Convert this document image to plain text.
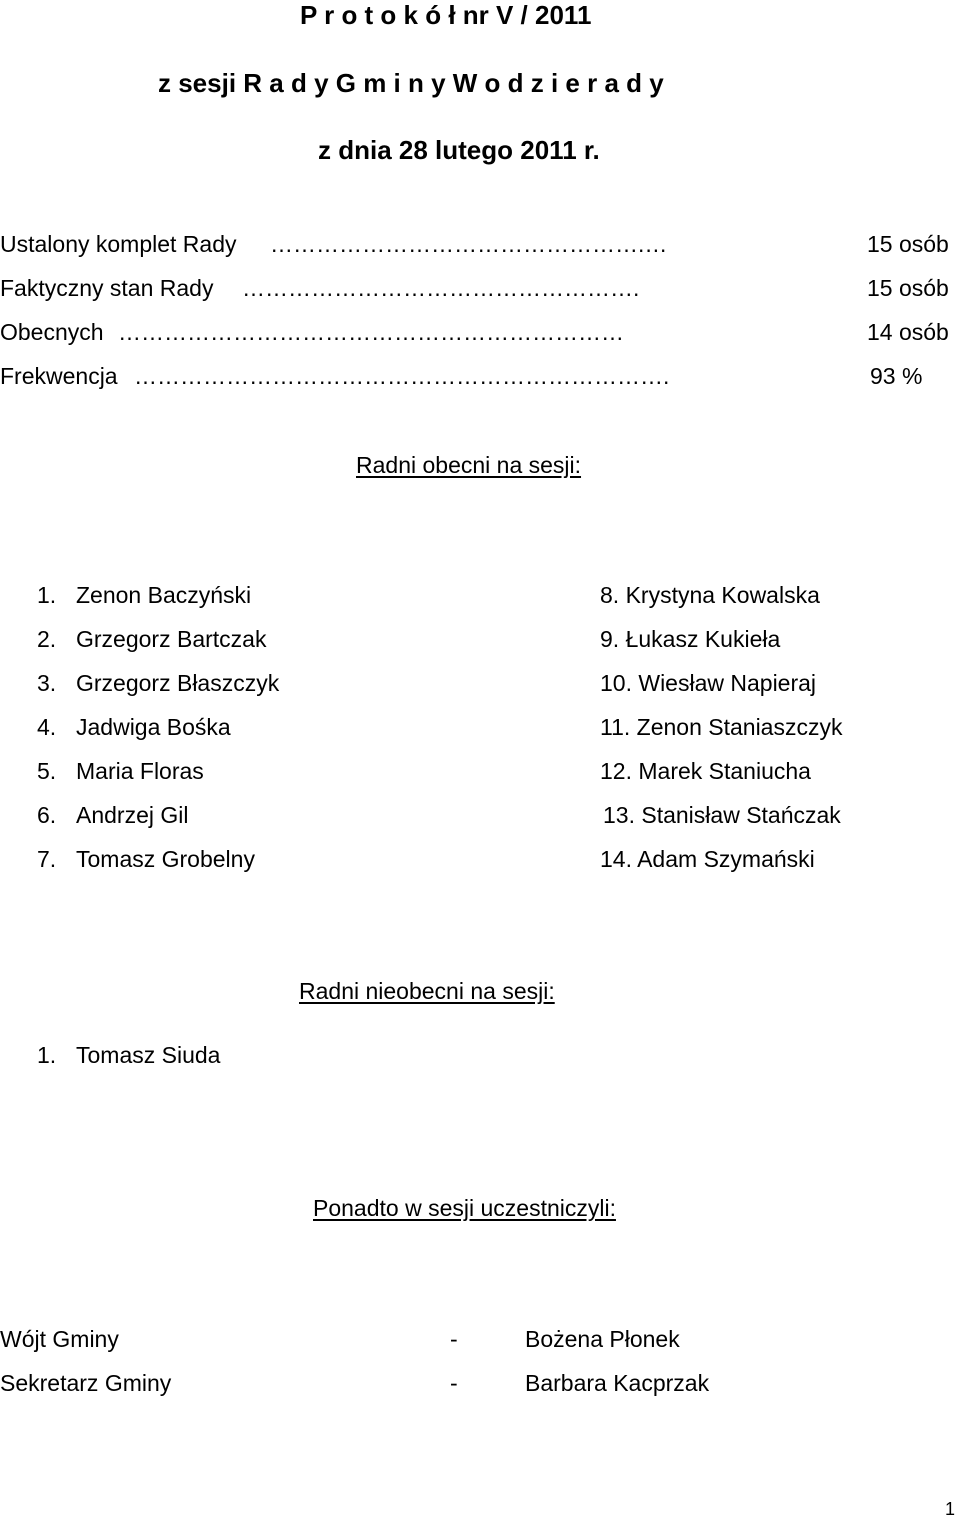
P r o t o k ó ł nr V / 2011
z sesji R a d y G m i n y W o d z i e r a d y
z dnia 28 lutego 2011 r.
Ustalony komplet Rady ………………………………………….…	15 osób
Faktyczny stan Rady …………………………………………….	15 osób
Obecnych …………………………………………………………	14 osób
Frekwencja …………………………………………………………….	93 %
Radni obecni na sesji:
1. Zenon Baczyński
2. Grzegorz Bartczak
3. Grzegorz Błaszczyk
4. Jadwiga Bośka
5. Maria Floras
6. Andrzej Gil
7. Tomasz Grobelny
8. Krystyna Kowalska
9. Łukasz Kukieła
10. Wiesław Napieraj
11. Zenon Staniaszczyk
12. Marek Staniucha
13. Stanisław Stańczak
14. Adam Szymański
Radni nieobecni na sesji:
1. Tomasz Siuda
Ponadto w sesji uczestniczyli:
Wójt Gminy	-	Bożena Płonek
Sekretarz Gminy	-	Barbara Kacprzak
1
